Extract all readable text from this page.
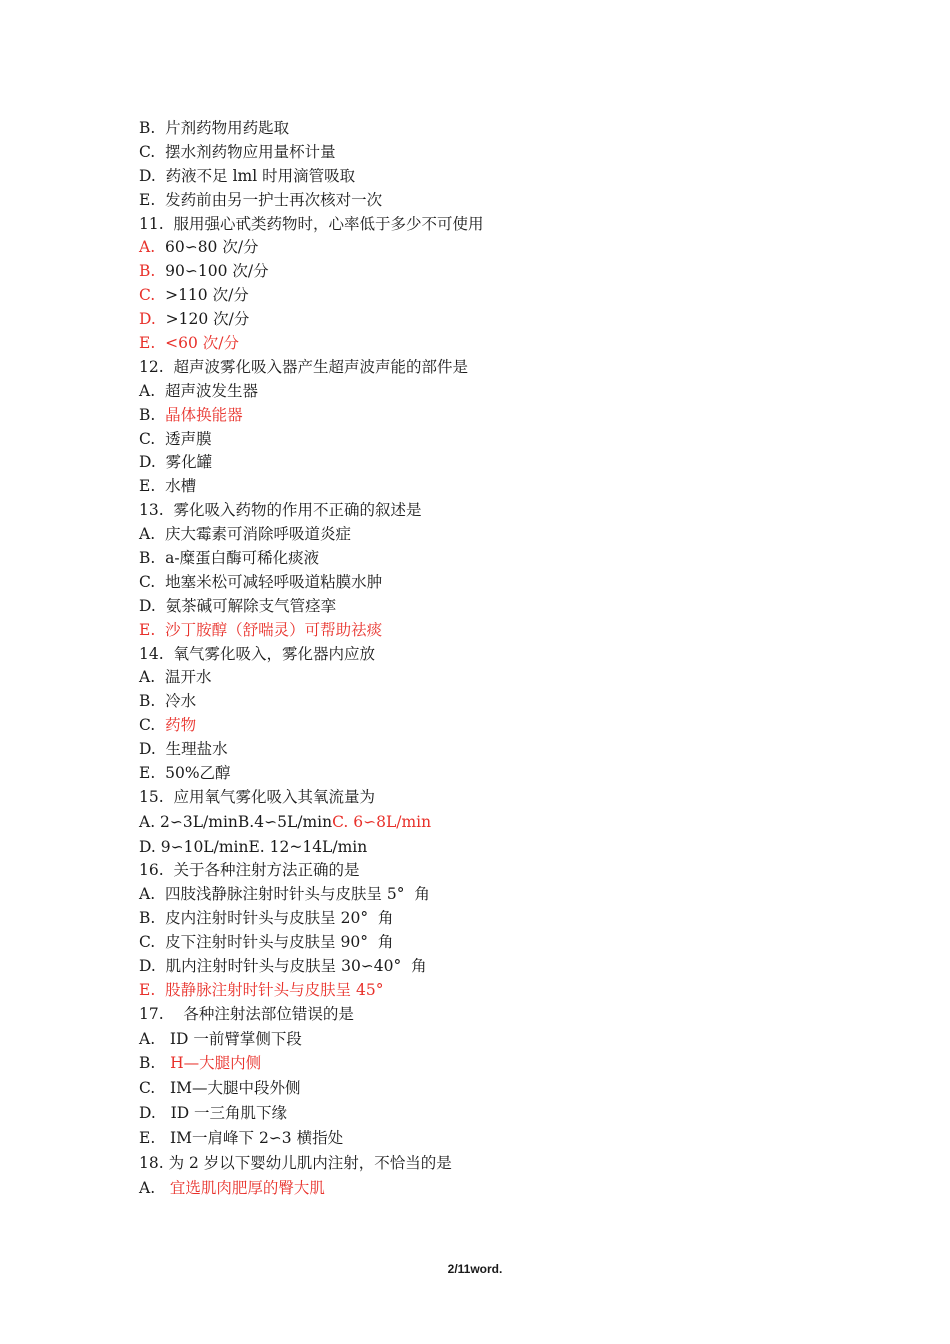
B.  片剂药物用药匙取
C.  摆水剂药物应用量杯计量
D.  药液不足 lml 时用滴管吸取
E.  发药前由另一护士再次核对一次
11.  服用强心甙类药物时，心率低于多少不可使用
A.  60∽80 次/分
B.  90∽100 次/分
C.  >110 次/分
D.  >120 次/分
E.  <60 次/分
12.  超声波雾化吸入器产生超声波声能的部件是
A.  超声波发生器
B.  晶体换能器
C.  透声膜
D.  雾化罐
E.  水槽
13.  雾化吸入药物的作用不正确的叙述是
A.  庆大霉素可消除呼吸道炎症
B.  a-糜蛋白酶可稀化痰液
C.  地塞米松可减轻呼吸道粘膜水肿
D.  氨茶碱可解除支气管痉挛
E.  沙丁胺醇（舒喘灵）可帮助祛痰
14.  氧气雾化吸入，雾化器内应放
A.  温开水
B.  冷水
C.  药物
D.  生理盐水
E.  50%乙醇
15.  应用氧气雾化吸入其氧流量为
A. 2∽3L/minB.4∽5L/minC. 6∽8L/min
D. 9∽10L/minE. 12~14L/min
16.  关于各种注射方法正确的是
A.  四肢浅静脉注射时针头与皮肤呈 5°  角
B.  皮内注射时针头与皮肤呈 20°  角
C.  皮下注射时针头与皮肤呈 90°  角
D.  肌内注射时针头与皮肤呈 30∽40°  角
E.  股静脉注射时针头与皮肤呈 45°
17.    各种注射法部位错误的是
A.   ID 一前臂掌侧下段
B.   H—大腿内侧
C.   IM—大腿中段外侧
D.   ID 一三角肌下缘
E.   IM一肩峰下 2∽3 横指处
18. 为 2 岁以下婴幼儿肌内注射，不恰当的是
A.   宜选肌肉肥厚的臀大肌
2/11word.
